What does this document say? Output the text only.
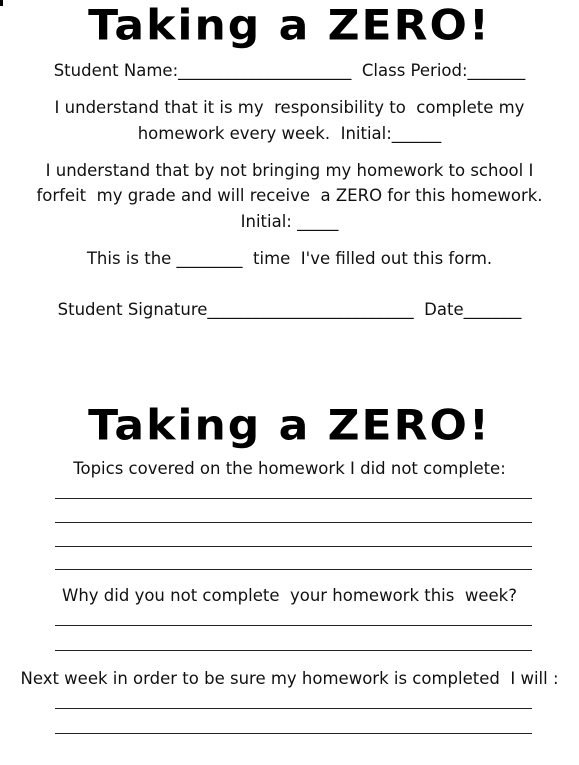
Taking a ZERO!
Student Name:_____________________  Class Period:_______
I understand that it is my  responsibility to  complete my
homework every week.  Initial:______
I understand that by not bringing my homework to school I
forfeit  my grade and will receive  a ZERO for this homework.
Initial: _____
This is the ________  time  I've filled out this form.
Student Signature_________________________  Date_______
Taking a ZERO!
Topics covered on the homework I did not complete:
Why did you not complete  your homework this  week?
Next week in order to be sure my homework is completed  I will :
